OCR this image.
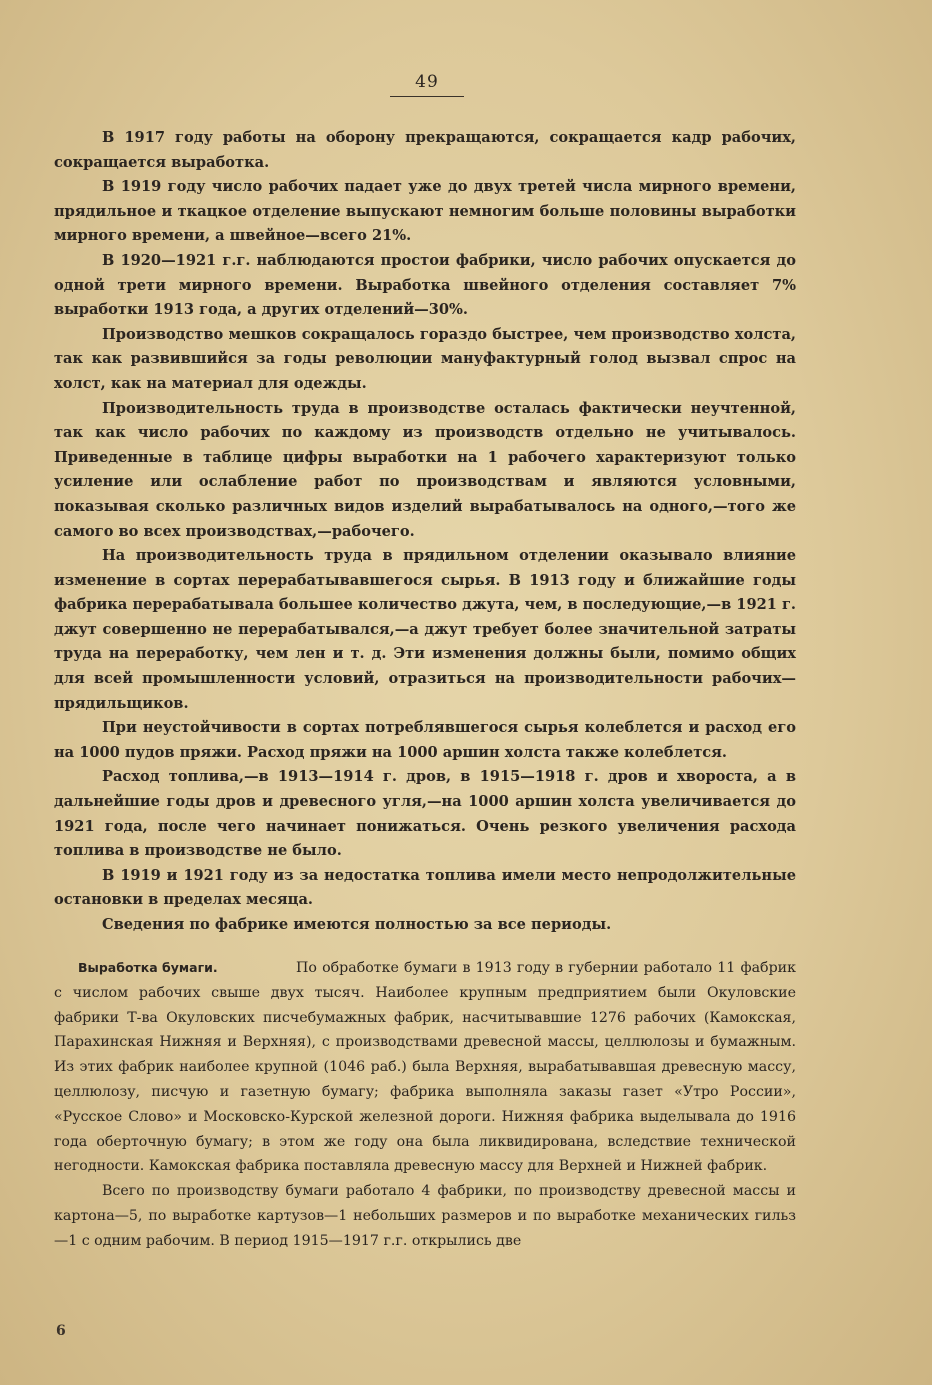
49

В 1917 году работы на оборону прекращаются, сокращается кадр рабочих, сокращается выработка.

В 1919 году число рабочих падает уже до двух третей числа мирного времени, прядильное и ткацкое отделение выпускают немногим больше половины выработки мирного времени, а швейное—всего 21%.

В 1920—1921 г.г. наблюдаются простои фабрики, число рабочих опускается до одной трети мирного времени. Выработка швейного отделения составляет 7% выработки 1913 года, а других отделений—30%.

Производство мешков сокращалось гораздо быстрее, чем производство холста, так как развившийся за годы революции мануфактурный голод вызвал спрос на холст, как на материал для одежды.

Производительность труда в производстве осталась фактически неучтенной, так как число рабочих по каждому из производств отдельно не учитывалось. Приведенные в таблице цифры выработки на 1 рабочего характеризуют только усиление или ослабление работ по производствам и являются условными, показывая сколько различных видов изделий вырабатывалось на одного,—того же самого во всех производствах,—рабочего.

На производительность труда в прядильном отделении оказывало влияние изменение в сортах перерабатывавшегося сырья. В 1913 году и ближайшие годы фабрика перерабатывала большее количество джута, чем, в последующие,—в 1921 г. джут совершенно не перерабатывался,—а джут требует более значительной затраты труда на переработку, чем лен и т. д. Эти изменения должны были, помимо общих для всей промышленности условий, отразиться на производительности рабочих—прядильщиков.

При неустойчивости в сортах потреблявшегося сырья колеблется и расход его на 1000 пудов пряжи. Расход пряжи на 1000 аршин холста также колеблется.

Расход топлива,—в 1913—1914 г. дров, в 1915—1918 г. дров и хвороста, а в дальнейшие годы дров и древесного угля,—на 1000 аршин холста увеличивается до 1921 года, после чего начинает понижаться. Очень резкого увеличения расхода топлива в производстве не было.

В 1919 и 1921 году из за недостатка топлива имели место непродолжительные остановки в пределах месяца.

Сведения по фабрике имеются полностью за все периоды.

Выработка бумаги.	По обработке бумаги в 1913 году в губернии работало 11 фабрик с числом рабочих свыше двух тысяч. Наиболее крупным предприятием были Окуловские фабрики Т-ва Окуловских писчебумажных фабрик, насчитывавшие 1276 рабочих (Камокская, Парахинская Нижняя и Верхняя), с производствами древесной массы, целлюлозы и бумажным. Из этих фабрик наиболее крупной (1046 раб.) была Верхняя, вырабатывавшая древесную массу, целлюлозу, писчую и газетную бумагу; фабрика выполняла заказы газет «Утро России», «Русское Слово» и Московско-Курской железной дороги. Нижняя фабрика выделывала до 1916 года оберточную бумагу; в этом же году она была ликвидирована, вследствие технической негодности. Камокская фабрика поставляла древесную массу для Верхней и Нижней фабрик.

Всего по производству бумаги работало 4 фабрики, по производству древесной массы и картона—5, по выработке картузов—1 небольших размеров и по выработке механических гильз—1 с одним рабочим. В период 1915—1917 г.г. открылись две

6
